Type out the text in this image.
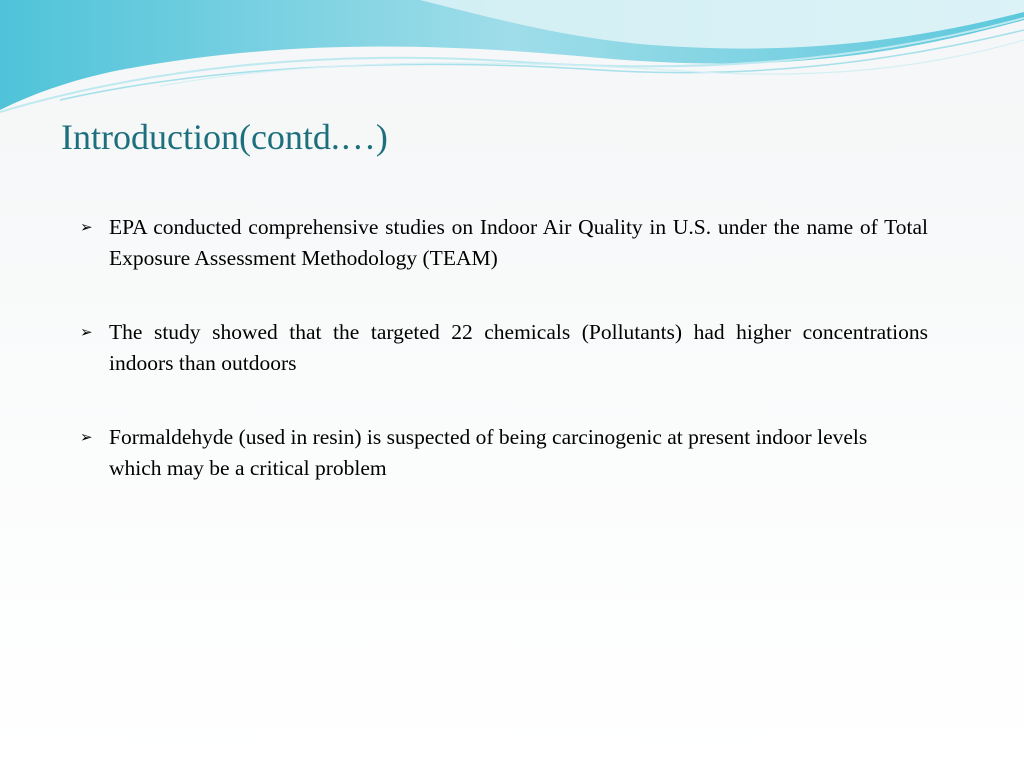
Introduction(contd.…)
➢ EPA conducted comprehensive studies on Indoor Air Quality in U.S. under the name of Total Exposure Assessment Methodology (TEAM)
➢ The study showed that the targeted 22 chemicals (Pollutants) had higher concentrations indoors than outdoors
➢ Formaldehyde (used in resin) is suspected of being carcinogenic at present indoor levels which may be a critical problem
